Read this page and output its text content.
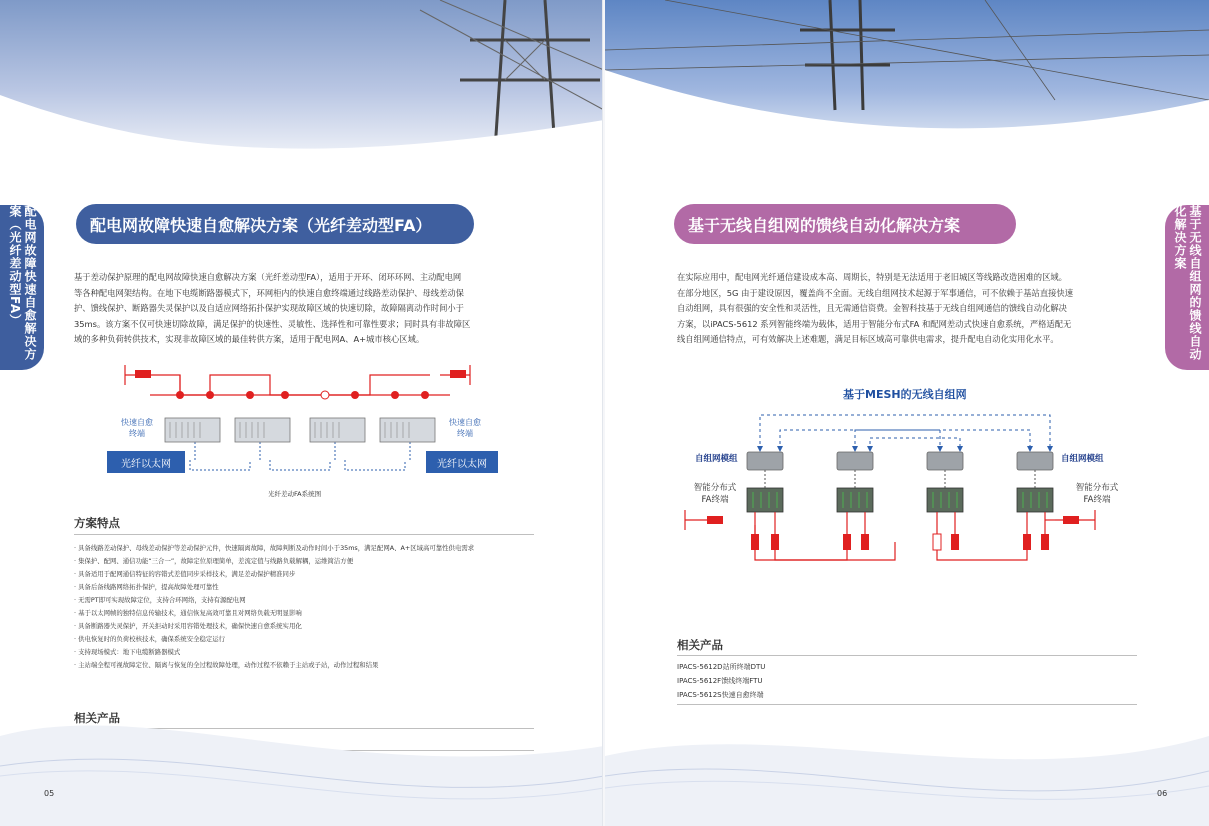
配电网故障快速自愈解决方案（光纤差动型FA）	配电网故障快速自愈解决方案（光纤差动型FA）
基于差动保护原理的配电网故障快速自愈解决方案（光纤差动型FA），适用于开环、闭环环网、主动配电网
等各种配电网架结构。在地下电缆断路器模式下，环网柜内的快速自愈终端通过线路差动保护、母线差动保
护、馈线保护、断路器失灵保护以及自适应网络拓扑保护实现故障区域的快速切除，故障隔离动作时间小于
35ms。该方案不仅可快速切除故障，满足保护的快速性、灵敏性、选择性和可靠性要求；同时具有非故障区
域的多种负荷转供技术，实现非故障区域的最佳转供方案，适用于配电网A、A+城市核心区域。
快速自愈
终端
快速自愈
终端
光纤以太网	光纤以太网
光纤差动FA系统图
方案特点
· 具备线路差动保护、母线差动保护等差动保护元件，快速隔离故障，故障判断及动作时间小于35ms，满足配网A、A+区域高可靠性供电需求
· 集保护、配网、通信功能“三合一”，故障定位原理简单，差流定值与线路负载解耦，运维简洁方便
· 具备适用于配网通信特征的容错式差值同步采样技术，满足差动保护精准同步
· 具备后备线路网络拓扑保护，提高故障处理可靠性
· 无需PT即可实现故障定位，支持合环网络，支持有源配电网
· 基于以太网帧的独特信息传输技术，通信恢复高效可靠且对网络负载无明显影响
· 具备断路器失灵保护，开关拒动时采用容错处理技术，确保快速自愈系统实用化
· 供电恢复时的负荷校核技术，确保系统安全稳定运行
· 支持现场模式：地下电缆断路器模式
· 主站端全程可视故障定位、隔离与恢复的全过程故障处理，动作过程不依赖于主站或子站，动作过程和结果
相关产品
05
基于无线自组网的馈线自动化解决方案
基于无线自组网的馈线自动化解决方案
在实际应用中，配电网光纤通信建设成本高、周期长，特别是无法适用于老旧城区等线路改造困难的区域。
在部分地区，5G 由于建设原因，覆盖尚不全面。无线自组网技术起源于军事通信，可不依赖于基站直接快速
自动组网，具有很强的安全性和灵活性，且无需通信资费。金智科技基于无线自组网通信的馈线自动化解决
方案，以iPACS-5612 系列智能终端为载体，适用于智能分布式FA 和配网差动式快速自愈系统，严格适配无
线自组网通信特点，可有效解决上述难题，满足目标区域高可靠供电需求，提升配电自动化实用化水平。
基于MESH的无线自组网
自组网模组	自组网模组
智能分布式
FA终端
智能分布式
FA终端
相关产品
IPACS-5612D站所终端DTU
IPACS-5612F馈线终端FTU
IPACS-5612S快速自愈终端
06
